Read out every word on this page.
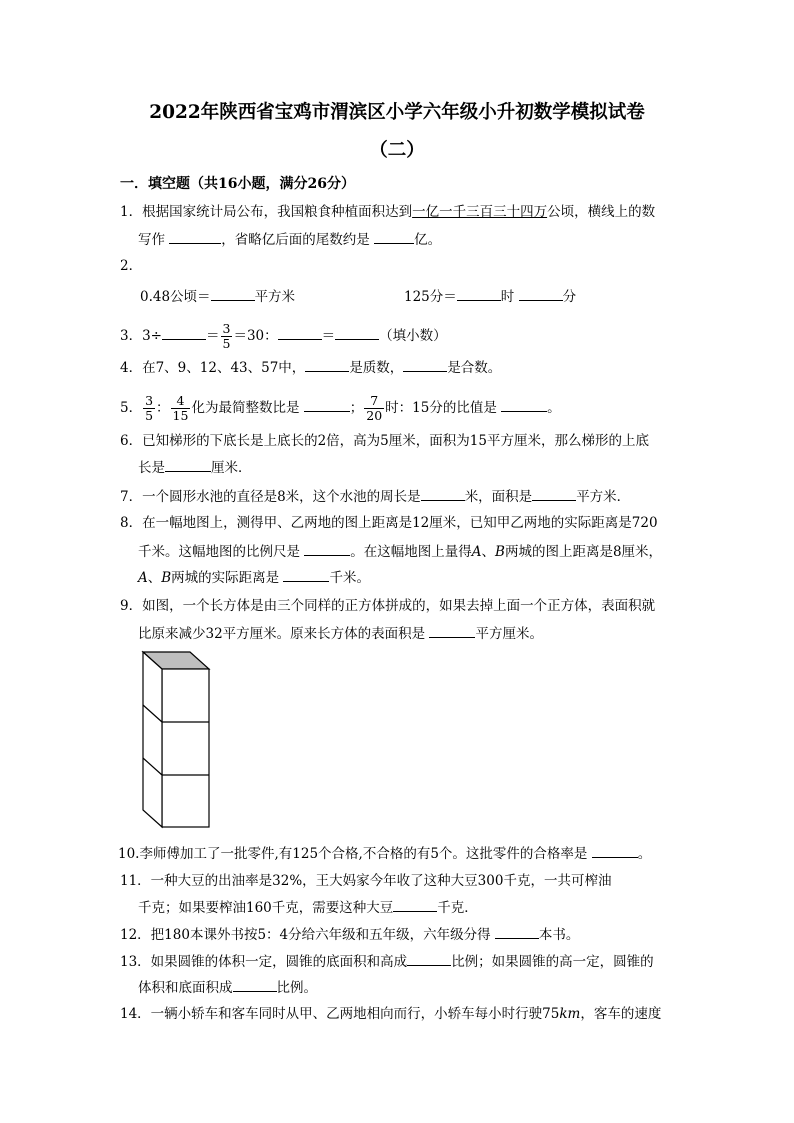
2022年陕西省宝鸡市渭滨区小学六年级小升初数学模拟试卷
（二）
一．填空题（共16小题，满分26分）
1．根据国家统计局公布，我国粮食种植面积达到一亿一千三百三十四万公顷，横线上的数
写作	，省略亿后面的尾数约是	亿。
2．
0.48公顷＝	平方米	125分＝	时	分
3．3÷	＝ $\frac{3}{5} =30$：	＝	（填小数）
4．在7、9、12、43、57中，	是质数，	是合数。
5． $\frac{3}{5}$ ： $\frac{4}{15}$ 化为最简整数比是	； $\frac{7}{20}$ 时：15分的比值是	。
6．已知梯形的下底长是上底长的2倍，高为5厘米，面积为15平方厘米，那么梯形的上底
长是	厘米．
7．一个圆形水池的直径是8米，这个水池的周长是	米，面积是	平方米．
8．在一幅地图上，测得甲、乙两地的图上距离是12厘米，已知甲乙两地的实际距离是720
千米。这幅地图的比例尺是	。在这幅地图上量得A、B两城的图上距离是8厘米，
A、B两城的实际距离是	千米。
9．如图，一个长方体是由三个同样的正方体拼成的，如果去掉上面一个正方体，表面积就
比原来减少32平方厘米。原来长方体的表面积是	平方厘米。
10.李师傅加工了一批零件,有125个合格,不合格的有5个。这批零件的合格率是	。
11．一种大豆的出油率是32%，王大妈家今年收了这种大豆300千克，一共可榨油
千克；如果要榨油160千克，需要这种大豆	千克．
12．把180本课外书按5：4分给六年级和五年级，六年级分得	本书。
13．如果圆锥的体积一定，圆锥的底面积和高成	比例；如果圆锥的高一定，圆锥的
体积和底面积成	比例。
14．一辆小轿车和客车同时从甲、乙两地相向而行，小轿车每小时行驶75km，客车的速度
